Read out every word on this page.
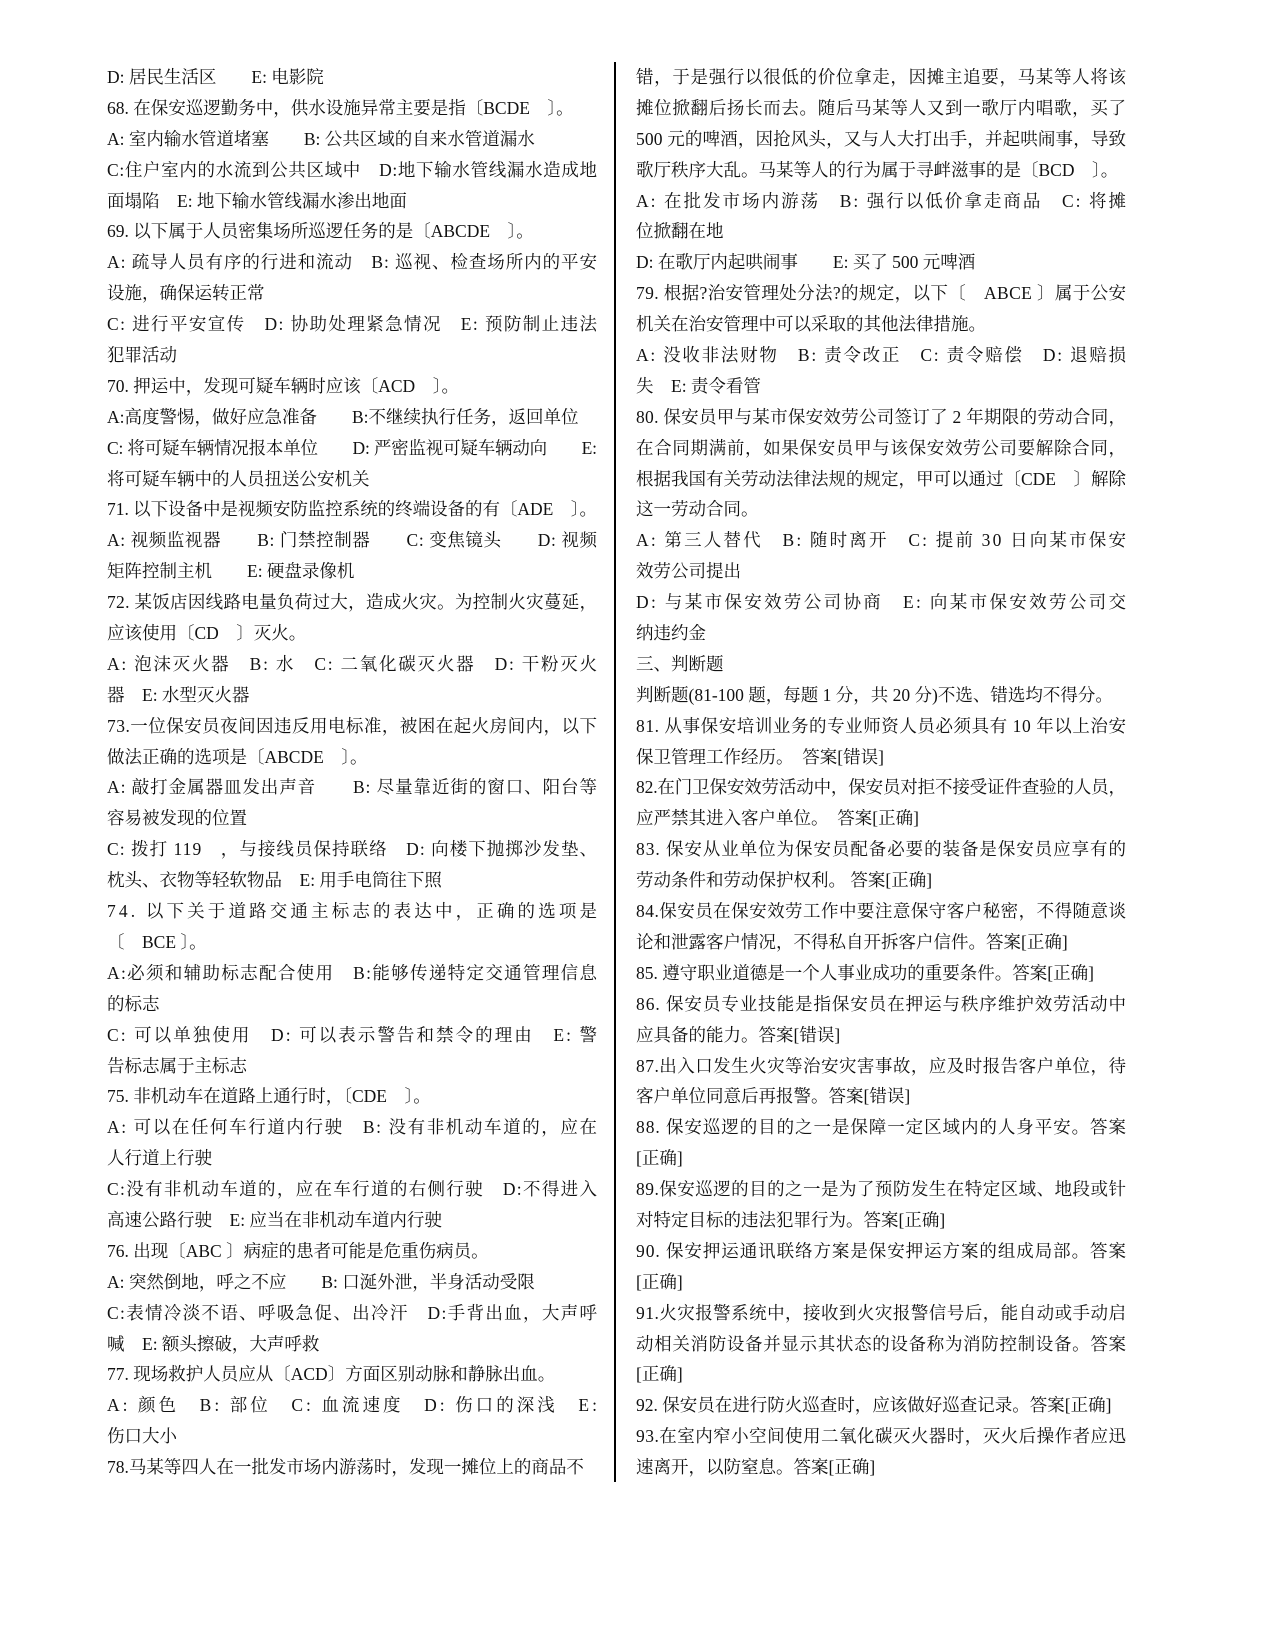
D: 居民生活区　　E: 电影院
68. 在保安巡逻勤务中，供水设施异常主要是指〔BCDE　〕。
A: 室内输水管道堵塞　　B: 公共区域的自来水管道漏水
C:住户室内的水流到公共区域中　D:地下输水管线漏水造成地
面塌陷　E: 地下输水管线漏水渗出地面
69. 以下属于人员密集场所巡逻任务的是〔ABCDE　〕。
A: 疏导人员有序的行进和流动　B: 巡视、检查场所内的平安
设施，确保运转正常
C: 进行平安宣传　D: 协助处理紧急情况　E: 预防制止违法
犯罪活动
70. 押运中，发现可疑车辆时应该〔ACD　〕。
A:高度警惕，做好应急准备　　B:不继续执行任务，返回单位
C: 将可疑车辆情况报本单位　　D: 严密监视可疑车辆动向　　E:
将可疑车辆中的人员扭送公安机关
71. 以下设备中是视频安防监控系统的终端设备的有〔ADE　〕。
A: 视频监视器　　B: 门禁控制器　　C: 变焦镜头　　D: 视频
矩阵控制主机　　E: 硬盘录像机
72. 某饭店因线路电量负荷过大，造成火灾。为控制火灾蔓延，
应该使用〔CD　〕灭火。
A: 泡沫灭火器　B: 水　C: 二氧化碳灭火器　D: 干粉灭火
器　E: 水型灭火器
73.一位保安员夜间因违反用电标准，被困在起火房间内，以下
做法正确的选项是〔ABCDE　〕。
A: 敲打金属器皿发出声音　　B: 尽量靠近街的窗口、阳台等
容易被发现的位置
C: 拨打 119　，与接线员保持联络　D: 向楼下抛掷沙发垫、
枕头、衣物等轻软物品　E: 用手电筒往下照
74. 以下关于道路交通主标志的表达中，正确的选项是
〔　BCE 〕。
A:必须和辅助标志配合使用　B:能够传递特定交通管理信息
的标志
C: 可以单独使用　D: 可以表示警告和禁令的理由　E: 警
告标志属于主标志
75. 非机动车在道路上通行时，〔CDE　〕。
A: 可以在任何车行道内行驶　B: 没有非机动车道的，应在
人行道上行驶
C:没有非机动车道的，应在车行道的右侧行驶　D:不得进入
高速公路行驶　E: 应当在非机动车道内行驶
76. 出现〔ABC 〕病症的患者可能是危重伤病员。
A: 突然倒地，呼之不应　　B: 口涎外泄，半身活动受限
C:表情冷淡不语、呼吸急促、出冷汗　D:手背出血，大声呼
喊　E: 额头擦破，大声呼救
77. 现场救护人员应从〔ACD〕方面区别动脉和静脉出血。
A: 颜色　B: 部位　C: 血流速度　D: 伤口的深浅　E:
伤口大小
78.马某等四人在一批发市场内游荡时，发现一摊位上的商品不
错，于是强行以很低的价位拿走，因摊主追要，马某等人将该
摊位掀翻后扬长而去。随后马某等人又到一歌厅内唱歌，买了
500 元的啤酒，因抢风头，又与人大打出手，并起哄闹事，导致
歌厅秩序大乱。马某等人的行为属于寻衅滋事的是〔BCD　〕。
A: 在批发市场内游荡　B: 强行以低价拿走商品　C: 将摊
位掀翻在地
D: 在歌厅内起哄闹事　　E: 买了 500 元啤酒
79. 根据?治安管理处分法?的规定，以下〔　ABCE 〕属于公安
机关在治安管理中可以采取的其他法律措施。
A: 没收非法财物　B: 责令改正　C: 责令赔偿　D: 退赔损
失　E: 责令看管
80. 保安员甲与某市保安效劳公司签订了 2 年期限的劳动合同，
在合同期满前，如果保安员甲与该保安效劳公司要解除合同，
根据我国有关劳动法律法规的规定，甲可以通过〔CDE　〕解除
这一劳动合同。
A: 第三人替代　B: 随时离开　C: 提前 30 日向某市保安
效劳公司提出
D: 与某市保安效劳公司协商　E: 向某市保安效劳公司交
纳违约金
三、判断题
判断题(81-100 题，每题 1 分，共 20 分)不选、错选均不得分。
81. 从事保安培训业务的专业师资人员必须具有 10 年以上治安
保卫管理工作经历。　答案[错误]
82.在门卫保安效劳活动中，保安员对拒不接受证件查验的人员，
应严禁其进入客户单位。　答案[正确]
83. 保安从业单位为保安员配备必要的装备是保安员应享有的
劳动条件和劳动保护权利。 答案[正确]
84.保安员在保安效劳工作中要注意保守客户秘密，不得随意谈
论和泄露客户情况，不得私自开拆客户信件。答案[正确]
85. 遵守职业道德是一个人事业成功的重要条件。答案[正确]
86. 保安员专业技能是指保安员在押运与秩序维护效劳活动中
应具备的能力。答案[错误]
87.出入口发生火灾等治安灾害事故，应及时报告客户单位，待
客户单位同意后再报警。答案[错误]
88. 保安巡逻的目的之一是保障一定区域内的人身平安。答案
[正确]
89.保安巡逻的目的之一是为了预防发生在特定区域、地段或针
对特定目标的违法犯罪行为。答案[正确]
90. 保安押运通讯联络方案是保安押运方案的组成局部。答案
[正确]
91.火灾报警系统中，接收到火灾报警信号后，能自动或手动启
动相关消防设备并显示其状态的设备称为消防控制设备。答案
[正确]
92. 保安员在进行防火巡查时，应该做好巡查记录。答案[正确]
93.在室内窄小空间使用二氧化碳灭火器时，灭火后操作者应迅
速离开，以防窒息。答案[正确]
